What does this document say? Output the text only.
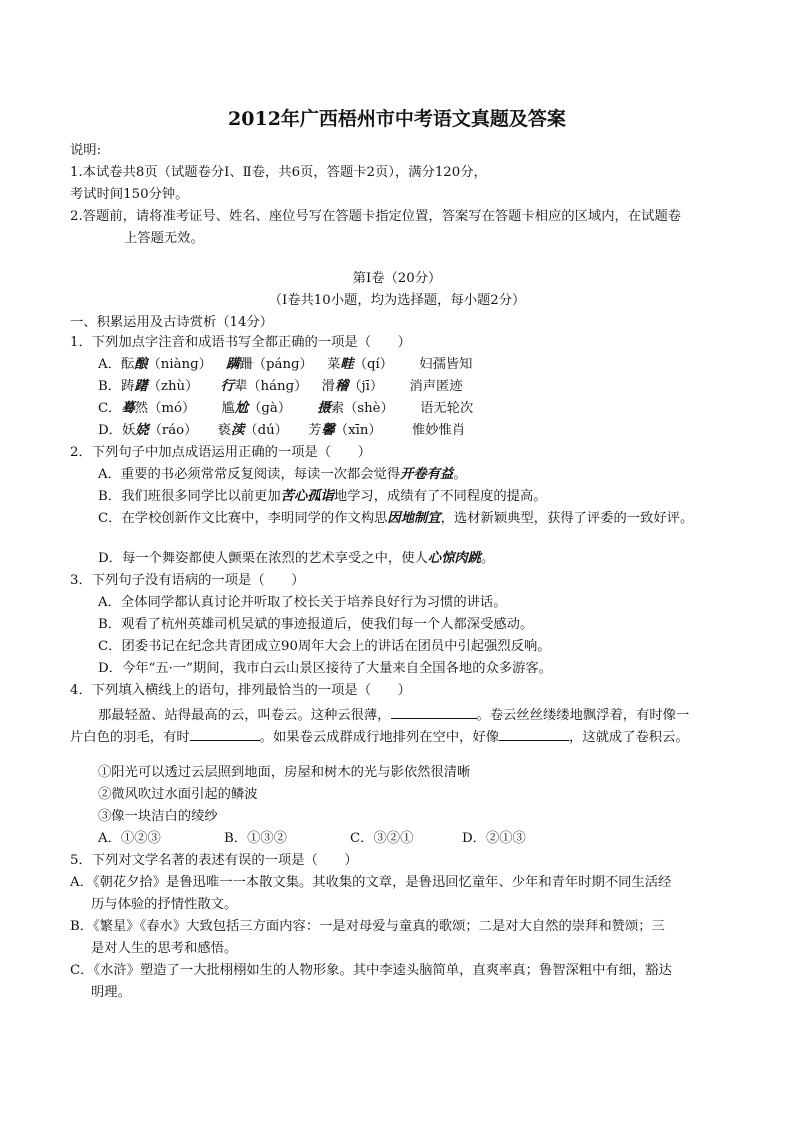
2012年广西梧州市中考语文真题及答案
说明:
1.本试卷共8页（试题卷分Ⅰ、Ⅱ卷，共6页，答题卡2页），满分120分，
考试时间150分钟。
2.答题前，请将准考证号、姓名、座位号写在答题卡指定位置，答案写在答题卡相应的区域内，在试题卷
上答题无效。
第Ⅰ卷（20分）
（Ⅰ卷共10小题，均为选择题，每小题2分）
一、积累运用及古诗赏析（14分）
1．下列加点字注音和成语书写全都正确的一项是（　　）
A．酝酿（niànɡ） 蹒跚（pánɡ） 菜畦（qí） 妇孺皆知
B．踌躇（zhù） 行辈（hánɡ） 滑稽（jī） 消声匿迹
C．蓦然（mó） 尴尬（ɡà） 摄索（shè） 语无轮次
D．妖娆（ráo） 亵渎（dú） 芳馨（xīn） 惟妙惟肖
2．下列句子中加点成语运用正确的一项是（　　）
A．重要的书必须常常反复阅读，每读一次都会觉得开卷有益。
B．我们班很多同学比以前更加苦心孤诣地学习，成绩有了不同程度的提高。
C．在学校创新作文比赛中，李明同学的作文构思因地制宜，选材新颖典型，获得了评委的一致好评。
D．每一个舞姿都使人颤栗在浓烈的艺术享受之中，使人心惊肉跳。
3．下列句子没有语病的一项是（　　）
A．全体同学都认真讨论并听取了校长关于培养良好行为习惯的讲话。
B．观看了杭州英雄司机吴斌的事迹报道后，使我们每一个人都深受感动。
C．团委书记在纪念共青团成立90周年大会上的讲话在团员中引起强烈反响。
D．今年“五·一”期间，我市白云山景区接待了大量来自全国各地的众多游客。
4．下列填入横线上的语句，排列最恰当的一项是（　　）
那最轻盈、站得最高的云，叫卷云。这种云很薄，	。卷云丝丝缕缕地飘浮着，有时像一
片白色的羽毛，有时	。如果卷云成群成行地排列在空中，好像	，这就成了卷积云。
①阳光可以透过云层照到地面，房屋和树木的光与影依然很清晰
②微风吹过水面引起的鳞波
③像一块洁白的绫纱
A．①②③	B．①③②	C．③②①	D．②①③
5．下列对文学名著的表述有误的一项是（　　）
A．《朝花夕拾》是鲁迅唯一一本散文集。其收集的文章，是鲁迅回忆童年、少年和青年时期不同生活经
历与体验的抒情性散文。
B．《繁星》《春水》大致包括三方面内容：一是对母爱与童真的歌颂；二是对大自然的崇拜和赞颂；三
是对人生的思考和感悟。
C．《水浒》塑造了一大批栩栩如生的人物形象。其中李逵头脑简单，直爽率真；鲁智深粗中有细，豁达
明理。
